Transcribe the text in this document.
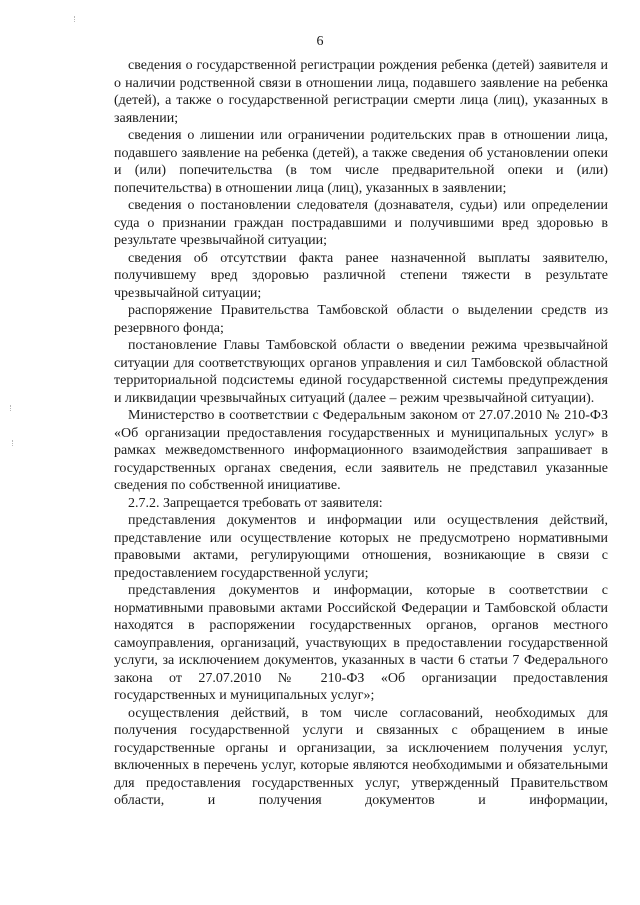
6

сведения о государственной регистрации рождения ребенка (детей) заявителя и о наличии родственной связи в отношении лица, подавшего заявление на ребенка (детей), а также о государственной регистрации смерти лица (лиц), указанных в заявлении;

сведения о лишении или ограничении родительских прав в отношении лица, подавшего заявление на ребенка (детей), а также сведения об установлении опеки и (или) попечительства (в том числе предварительной опеки и (или) попечительства) в отношении лица (лиц), указанных в заявлении;

сведения о постановлении следователя (дознавателя, судьи) или определении суда о признании граждан пострадавшими и получившими вред здоровью в результате чрезвычайной ситуации;

сведения об отсутствии факта ранее назначенной выплаты заявителю, получившему вред здоровью различной степени тяжести в результате чрезвычайной ситуации;

распоряжение Правительства Тамбовской области о выделении средств из резервного фонда;

постановление Главы Тамбовской области о введении режима чрезвычайной ситуации для соответствующих органов управления и сил Тамбовской областной территориальной подсистемы единой государственной системы предупреждения и ликвидации чрезвычайных ситуаций (далее – режим чрезвычайной ситуации).

Министерство в соответствии с Федеральным законом от 27.07.2010 № 210-ФЗ «Об организации предоставления государственных и муниципальных услуг» в рамках межведомственного информационного взаимодействия запрашивает в государственных органах сведения, если заявитель не представил указанные сведения по собственной инициативе.

2.7.2. Запрещается требовать от заявителя:

представления документов и информации или осуществления действий, представление или осуществление которых не предусмотрено нормативными правовыми актами, регулирующими отношения, возникающие в связи с предоставлением государственной услуги;

представления документов и информации, которые в соответствии с нормативными правовыми актами Российской Федерации и Тамбовской области находятся в распоряжении государственных органов, органов местного самоуправления, организаций, участвующих в предоставлении государственной услуги, за исключением документов, указанных в части 6 статьи 7 Федерального закона от 27.07.2010 № 210-ФЗ «Об организации предоставления государственных и муниципальных услуг»;

осуществления действий, в том числе согласований, необходимых для получения государственной услуги и связанных с обращением в иные государственные органы и организации, за исключением получения услуг, включенных в перечень услуг, которые являются необходимыми и обязательными для предоставления государственных услуг, утвержденный Правительством области, и получения документов и информации,
